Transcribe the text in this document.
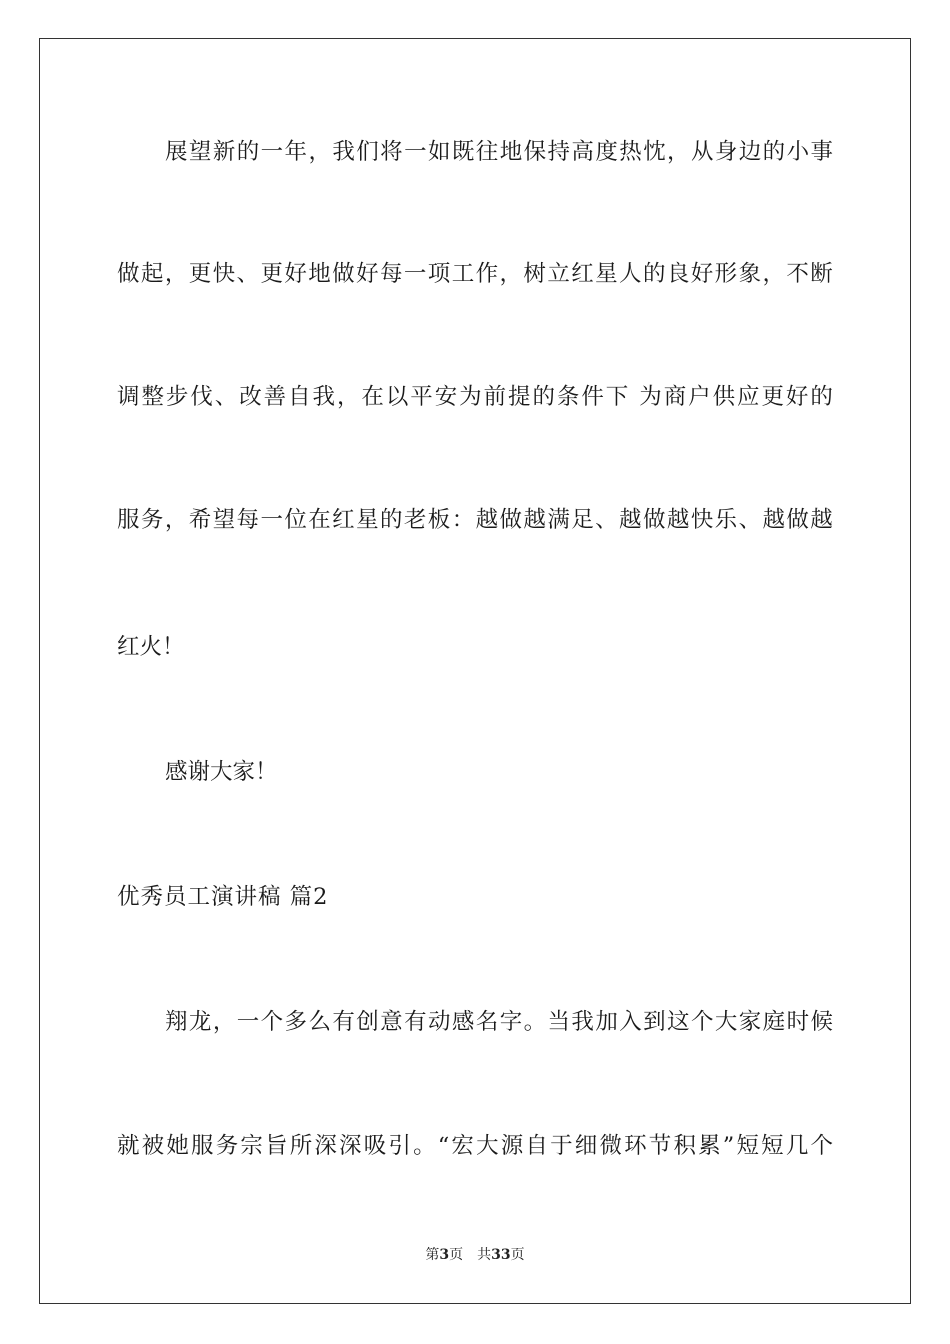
展 望 新 的 一 年 ， 我 们 将 一 如 既 往 地 保 持 高 度 热 忱 ， 从 身 边 的 小 事
做 起 ， 更 快 、 更 好 地 做 好 每 一 项 工 作 ， 树 立 红 星 人 的 良 好 形 象 ， 不 断
调 整 步 伐 、 改 善 自 我 ， 在 以 平 安 为 前 提 的 条 件 下
为 商 户 供 应 更 好 的
服 务 ， 希 望 每 一 位 在 红 星 的 老 板 ： 越 做 越 满 足 、 越 做 越 快 乐 、 越 做 越
红火！
感谢大家！
优秀员工演讲稿 篇2
翔 龙 ， 一 个 多 么 有 创 意 有 动 感 名 字 。 当 我 加 入 到 这 个 大 家 庭 时 候
就 被 她 服 务 宗 旨 所 深 深 吸 引 。 “ 宏 大 源 自 于 细 微 环 节 积 累 ” 短 短 几 个
第3页 共33页
